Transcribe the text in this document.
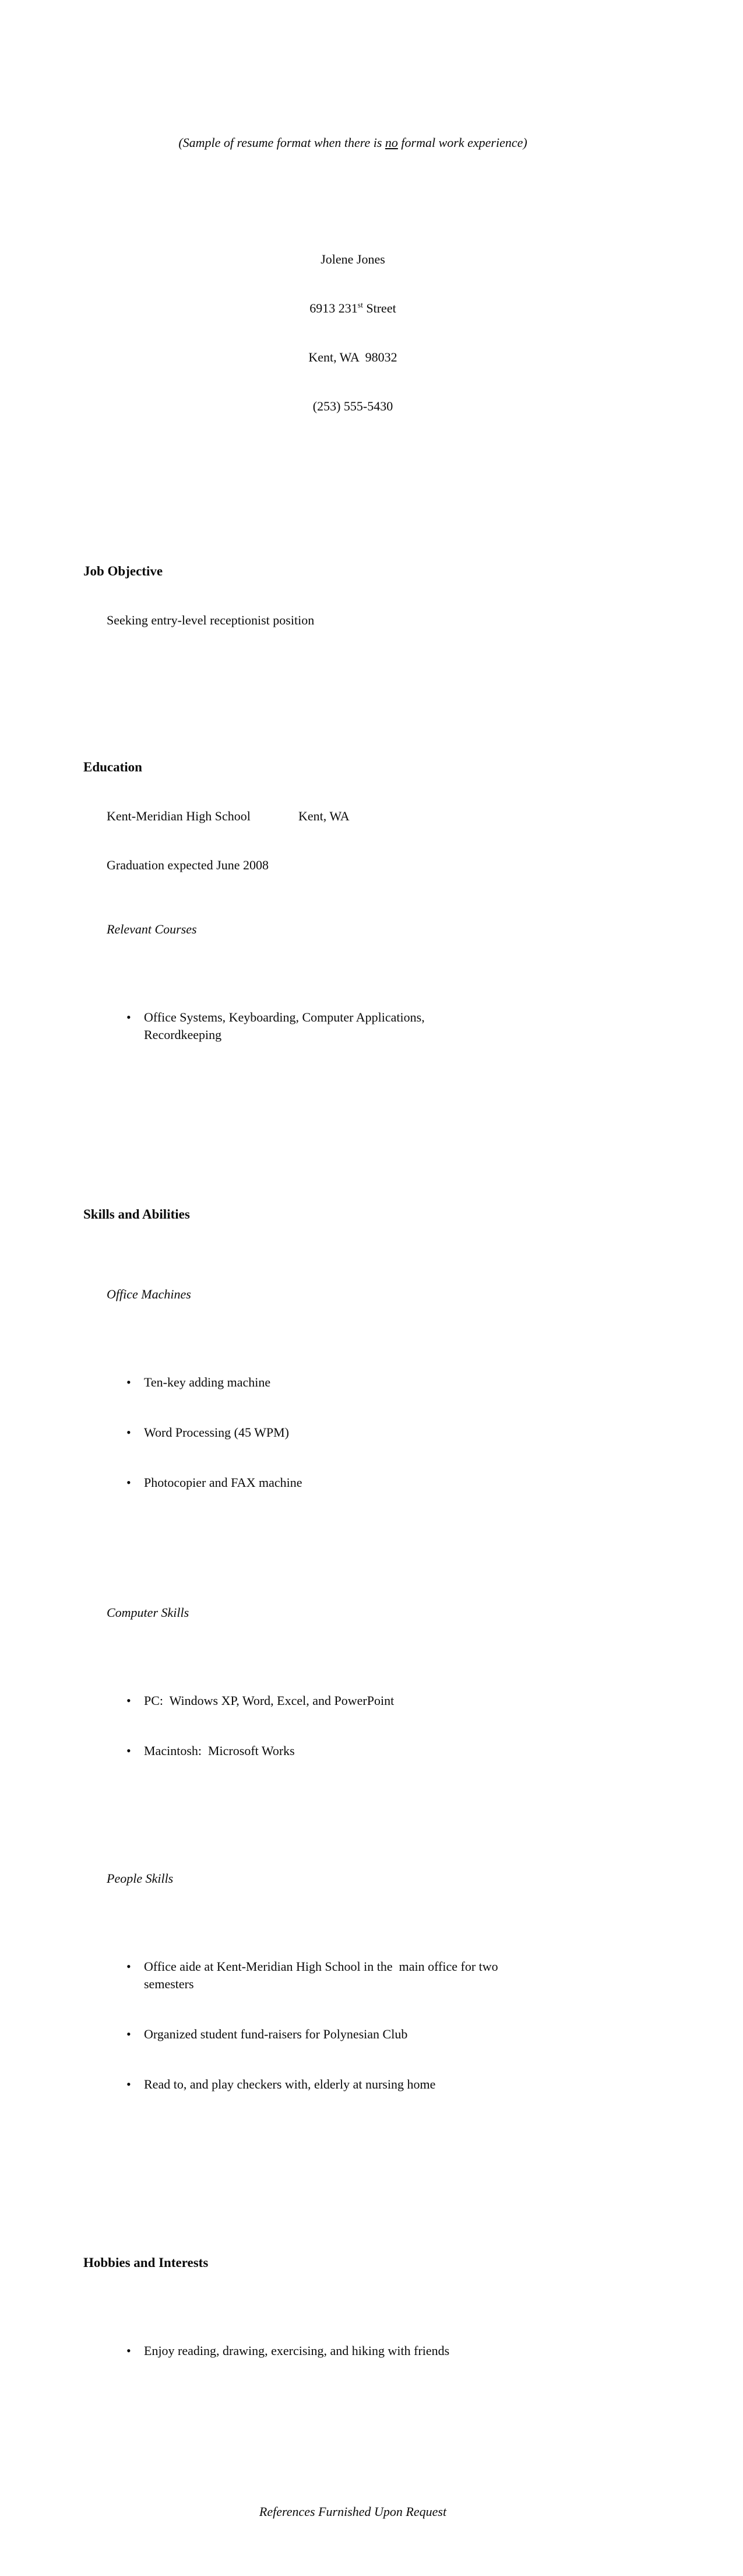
(Sample of resume format when there is no formal work experience)

Jolene Jones

6913 231st Street

Kent, WA  98032

(253) 555-5430

Job Objective

Seeking entry-level receptionist position

Education

Kent-Meridian High School	Kent, WA

Graduation expected June 2008

Relevant Courses

• Office Systems, Keyboarding, Computer Applications, Recordkeeping

Skills and Abilities

Office Machines

• Ten-key adding machine

• Word Processing (45 WPM)

• Photocopier and FAX machine

Computer Skills

• PC:  Windows XP, Word, Excel, and PowerPoint

• Macintosh:  Microsoft Works

People Skills

• Office aide at Kent-Meridian High School in the  main office for two semesters

• Organized student fund-raisers for Polynesian Club

• Read to, and play checkers with, elderly at nursing home

Hobbies and Interests

• Enjoy reading, drawing, exercising, and hiking with friends

References Furnished Upon Request
